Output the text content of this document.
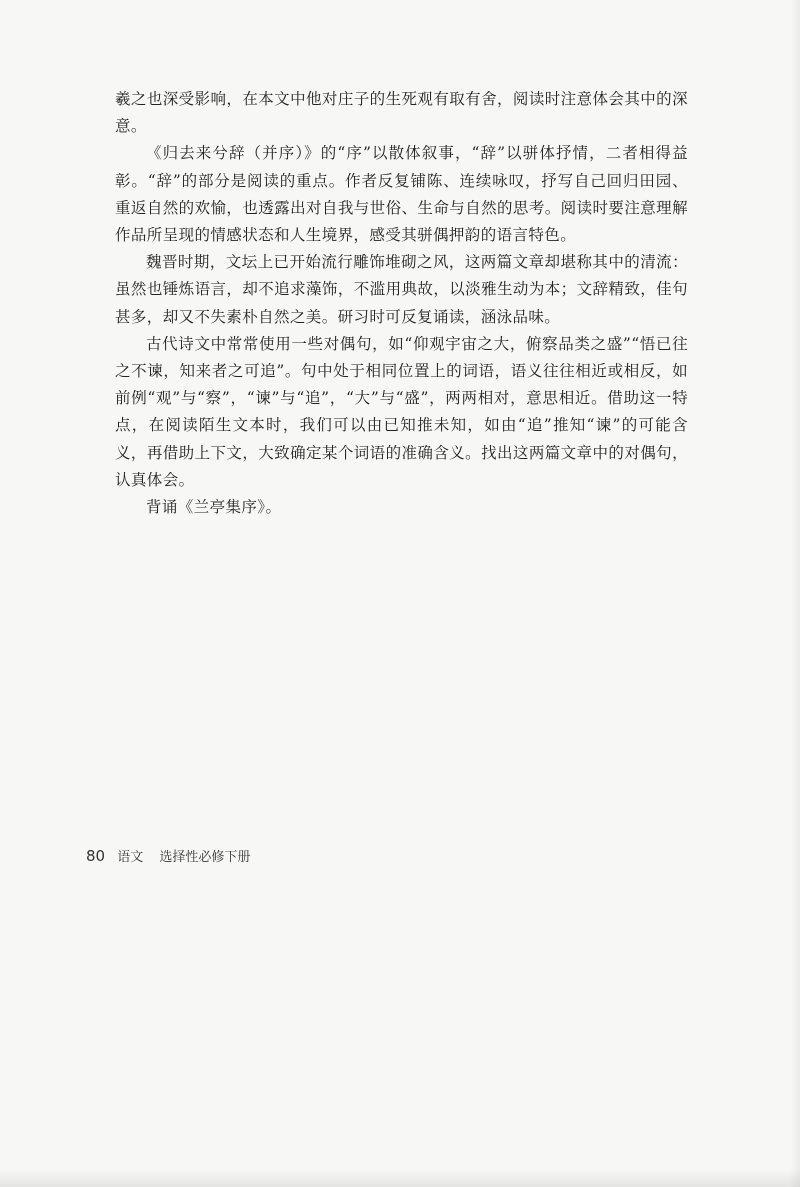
羲之也深受影响，在本文中他对庄子的生死观有取有舍，阅读时注意体会其中的深意。

《归去来兮辞（并序）》的“序”以散体叙事，“辞”以骈体抒情，二者相得益彰。“辞”的部分是阅读的重点。作者反复铺陈、连续咏叹，抒写自己回归田园、重返自然的欢愉，也透露出对自我与世俗、生命与自然的思考。阅读时要注意理解作品所呈现的情感状态和人生境界，感受其骈偶押韵的语言特色。

魏晋时期，文坛上已开始流行雕饰堆砌之风，这两篇文章却堪称其中的清流：虽然也锤炼语言，却不追求藻饰，不滥用典故，以淡雅生动为本；文辞精致，佳句甚多，却又不失素朴自然之美。研习时可反复诵读，涵泳品味。

古代诗文中常常使用一些对偶句，如“仰观宇宙之大，俯察品类之盛”“悟已往之不谏，知来者之可追”。句中处于相同位置上的词语，语义往往相近或相反，如前例“观”与“察”，“谏”与“追”，“大”与“盛”，两两相对，意思相近。借助这一特点，在阅读陌生文本时，我们可以由已知推未知，如由“追”推知“谏”的可能含义，再借助上下文，大致确定某个词语的准确含义。找出这两篇文章中的对偶句，认真体会。

背诵《兰亭集序》。

80 语文 选择性必修下册
